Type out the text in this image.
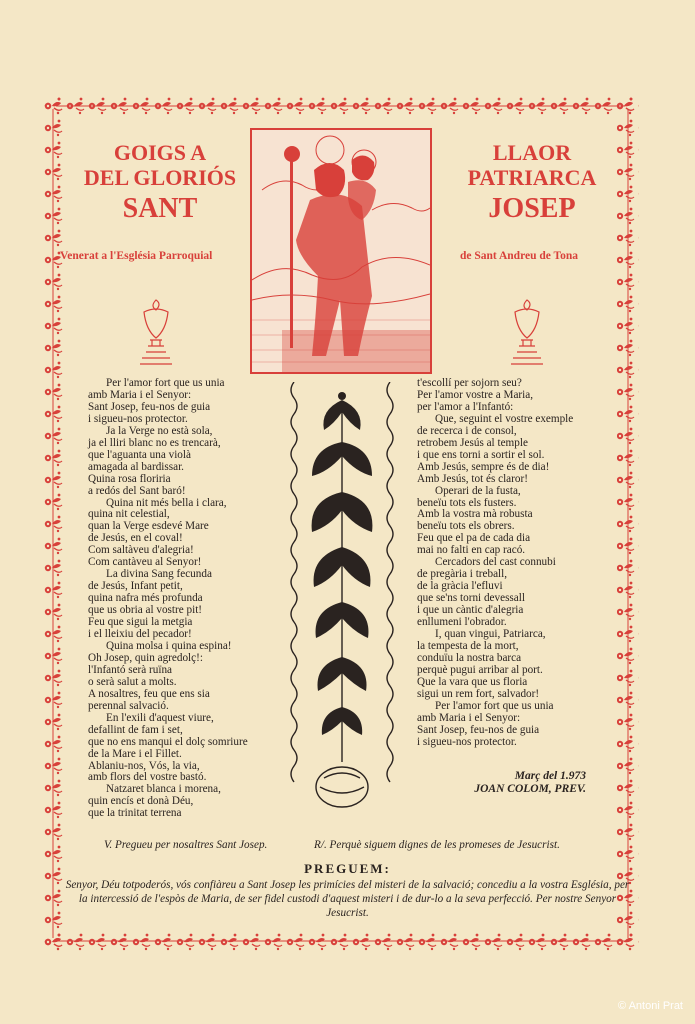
GOIGS A
DEL GLORIÓS
SANT
LLAOR
PATRIARCA
JOSEP
Venerat a l'Església Parroquial	de Sant Andreu de Tona
Per l'amor fort que us unia
amb Maria i el Senyor:
Sant Josep, feu-nos de guia
i sigueu-nos protector.
Ja la Verge no està sola,
ja el lliri blanc no es trencarà,
que l'aguanta una violà
amagada al bardissar.
Quina rosa floriria
a redós del Sant baró!
Quina nit més bella i clara,
quina nit celestial,
quan la Verge esdevé Mare
de Jesús, en el coval!
Com saltàveu d'alegria!
Com cantàveu al Senyor!
La divina Sang fecunda
de Jesús, Infant petit,
quina nafra més profunda
que us obria al vostre pit!
Feu que sigui la metgia
i el lleixiu del pecador!
Quina molsa i quina espina!
Oh Josep, quin agredolç!:
l'Infantó serà ruïna
o serà salut a molts.
A nosaltres, feu que ens sia
perennal salvació.
En l'exili d'aquest viure,
defallint de fam i set,
que no ens manqui el dolç somriure
de la Mare i el Fillet.
Ablaniu-nos, Vós, la via,
amb flors del vostre bastó.
Natzaret blanca i morena,
quin encís et donà Déu,
que la trinitat terrena
t'escollí per sojorn seu?
Per l'amor vostre a Maria,
per l'amor a l'Infantó:
Que, seguint el vostre exemple
de recerca i de consol,
retrobem Jesús al temple
i que ens torni a sortir el sol.
Amb Jesús, sempre és de dia!
Amb Jesús, tot és claror!
Operari de la fusta,
beneïu tots els fusters.
Amb la vostra mà robusta
beneïu tots els obrers.
Feu que el pa de cada dia
mai no falti en cap racó.
Cercadors del cast connubi
de pregària i treball,
de la gràcia l'efluvi
que se'ns torni devessall
i que un càntic d'alegria
enllumeni l'obrador.
I, quan vingui, Patriarca,
la tempesta de la mort,
conduïu la nostra barca
perquè pugui arribar al port.
Que la vara que us floria
sigui un rem fort, salvador!
Per l'amor fort que us unia
amb Maria i el Senyor:
Sant Josep, feu-nos de guia
i sigueu-nos protector.
Març del 1.973
JOAN COLOM, PREV.
V. Pregueu per nosaltres Sant Josep.	R/. Perquè siguem dignes de les promeses de Jesucrist.
PREGUEM:
Senyor, Déu totpoderós, vós confiàreu a Sant Josep les primícies del misteri de la salvació; concediu a la vostra Església, per la intercessió de l'espòs de Maria, de ser fidel custodi d'aquest misteri i de dur-lo a la seva perfecció. Per nostre Senyor Jesucrist.
© Antoni Prat
